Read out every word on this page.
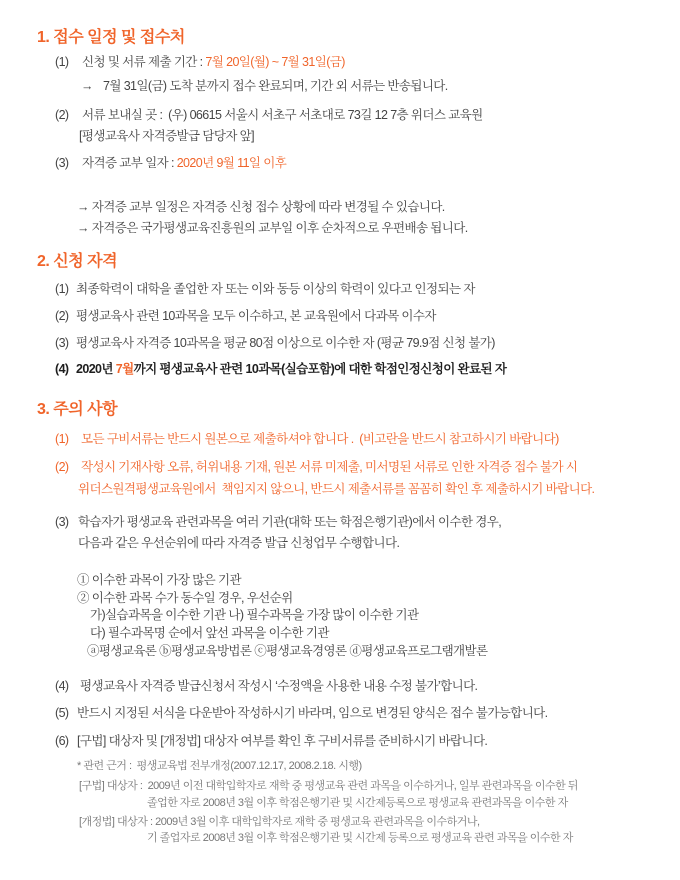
1. 접수 일정 및 접수처
(1) 신청 및 서류 제출 기간 : 7월 20일(월) ~ 7월 31일(금)
→ 7월 31일(금) 도착 분까지 접수 완료되며, 기간 외 서류는 반송됩니다.
(2) 서류 보내실 곳 :  (우) 06615 서울시 서초구 서초대로 73길 12 7층 위더스 교육원
[평생교육사 자격증발급 담당자 앞]
(3) 자격증 교부 일자 : 2020년 9월 11일 이후
→ 자격증 교부 일정은 자격증 신청 접수 상황에 따라 변경될 수 있습니다.
→ 자격증은 국가평생교육진흥원의 교부일 이후 순차적으로 우편배송 됩니다.
2. 신청 자격
(1) 최종학력이 대학을 졸업한 자 또는 이와 동등 이상의 학력이 있다고 인정되는 자
(2) 평생교육사 관련 10과목을 모두 이수하고, 본 교육원에서 다과목 이수자
(3) 평생교육사 자격증 10과목을 평균 80점 이상으로 이수한 자 (평균 79.9점 신청 불가)
(4) 2020년 7월까지 평생교육사 관련 10과목(실습포함)에 대한 학점인정신청이 완료된 자
3. 주의 사항
(1) 모든 구비서류는 반드시 원본으로 제출하셔야 합니다 .  (비고란을 반드시 참고하시기 바랍니다)
(2) 작성시 기재사항 오류, 허위내용 기재, 원본 서류 미제출, 미서명된 서류로 인한 자격증 접수 불가 시
위더스원격평생교육원에서  책임지지 않으니, 반드시 제출서류를 꼼꼼히 확인 후 제출하시기 바랍니다.
(3) 학습자가 평생교육 관련과목을 여러 기관(대학 또는 학점은행기관)에서 이수한 경우,
다음과 같은 우선순위에 따라 자격증 발급 신청업무 수행합니다.
① 이수한 과목이 가장 많은 기관
② 이수한 과목 수가 동수일 경우, 우선순위
가)실습과목을 이수한 기관 나) 필수과목을 가장 많이 이수한 기관
다) 필수과목명 순에서 앞선 과목을 이수한 기관
ⓐ평생교육론 ⓑ평생교육방법론 ⓒ평생교육경영론 ⓓ평생교육프로그램개발론
(4) 평생교육사 자격증 발급신청서 작성시 ‘수정액을 사용한 내용 수정 불가’합니다.
(5) 반드시 지정된 서식을 다운받아 작성하시기 바라며, 임으로 변경된 양식은 접수 불가능합니다.
(6) [구법] 대상자 및 [개정법] 대상자 여부를 확인 후 구비서류를 준비하시기 바랍니다.
* 관련 근거 :  평생교육법 전부개정(2007.12.17, 2008.2.18. 시행)
[구법] 대상자 : 2009년 이전 대학입학자로 재학 중 평생교육 관련 과목을 이수하거나, 일부 관련과목을 이수한 뒤
졸업한 자로 2008년 3월 이후 학점은행기관 및 시간제등록으로 평생교육 관련과목을 이수한 자
[개정법] 대상자 : 2009년 3월 이후 대학입학자로 재학 중 평생교육 관련과목을 이수하거나,
기 졸업자로 2008년 3월 이후 학점은행기관 및 시간제 등록으로 평생교육 관련 과목을 이수한 자
